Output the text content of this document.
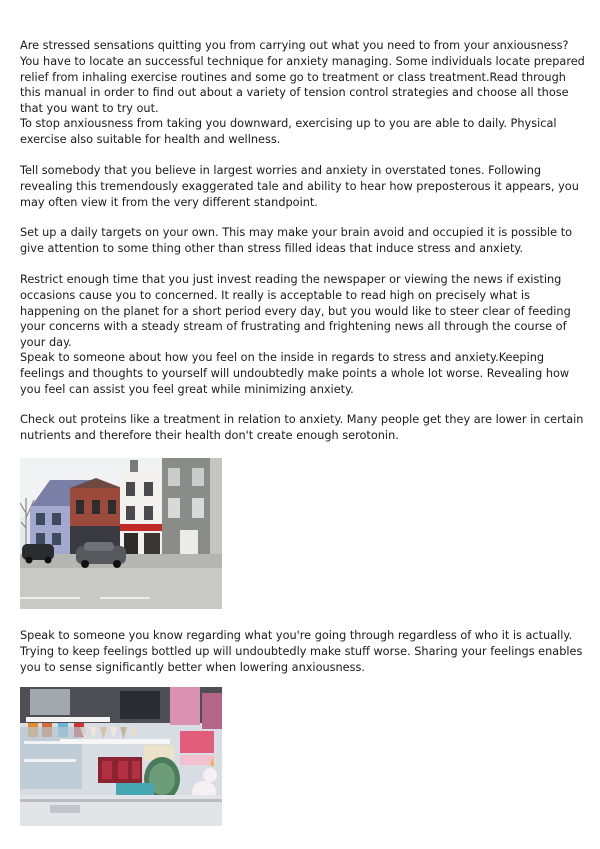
Are stressed sensations quitting you from carrying out what you need to from your anxiousness? You have to locate an successful technique for anxiety managing. Some individuals locate prepared relief from inhaling exercise routines and some go to treatment or class treatment.Read through this manual in order to find out about a variety of tension control strategies and choose all those that you want to try out.

To stop anxiousness from taking you downward, exercising up to you are able to daily. Physical exercise also suitable for health and wellness.

Tell somebody that you believe in largest worries and anxiety in overstated tones. Following revealing this tremendously exaggerated tale and ability to hear how preposterous it appears, you may often view it from the very different standpoint.

Set up a daily targets on your own. This may make your brain avoid and occupied it is possible to give attention to some thing other than stress filled ideas that induce stress and anxiety.

Restrict enough time that you just invest reading the newspaper or viewing the news if existing occasions cause you to concerned. It really is acceptable to read high on precisely what is happening on the planet for a short period every day, but you would like to steer clear of feeding your concerns with a steady stream of frustrating and frightening news all through the course of your day.

Speak to someone about how you feel on the inside in regards to stress and anxiety.Keeping feelings and thoughts to yourself will undoubtedly make points a whole lot worse. Revealing how you feel can assist you feel great while minimizing anxiety.

Check out proteins like a treatment in relation to anxiety. Many people get they are lower in certain nutrients and therefore their health don't create enough serotonin.

Speak to someone you know regarding what you're going through regardless of who it is actually. Trying to keep feelings bottled up will undoubtedly make stuff worse. Sharing your feelings enables you to sense significantly better when lowering anxiousness.
